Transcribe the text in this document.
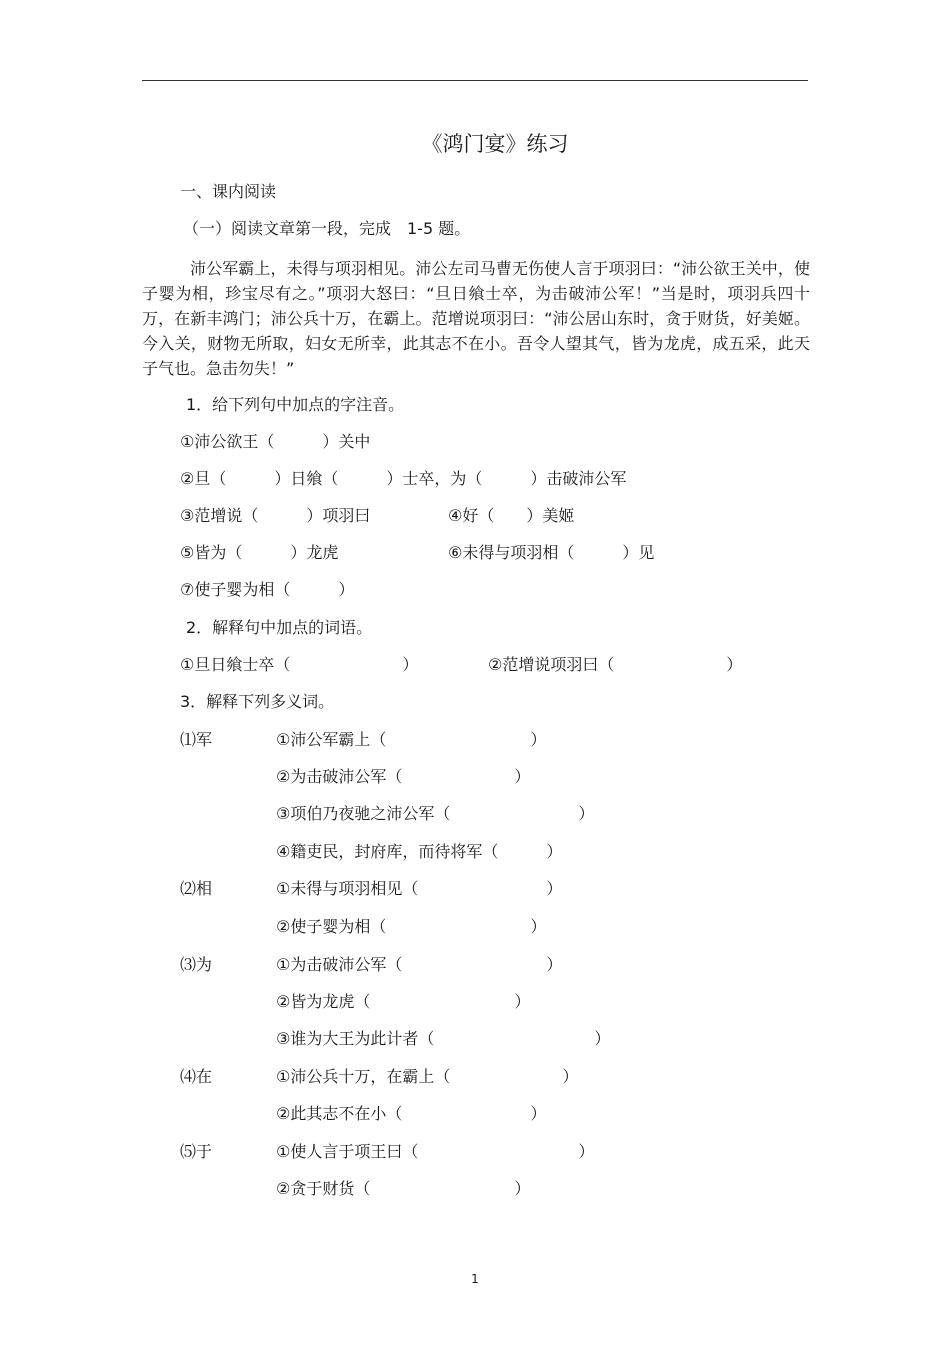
《鸿门宴》练习
一、课内阅读
（一）阅读文章第一段，完成　1-5 题。
沛公军霸上，未得与项羽相见。沛公左司马曹无伤使人言于项羽曰：“沛公欲王关中，使子婴为相，珍宝尽有之。”项羽大怒曰：“旦日飨士卒，为击破沛公军！”当是时，项羽兵四十万，在新丰鸿门；沛公兵十万，在霸上。范增说项羽曰：“沛公居山东时，贪于财货，好美姬。今入关，财物无所取，妇女无所幸，此其志不在小。吾令人望其气，皆为龙虎，成五采，此天子气也。急击勿失！”
1．给下列句中加点的字注音。
①沛公欲王（　　　）关中
②旦（　　　）日飨（　　　）士卒，为（　　　）击破沛公军
③范增说（　　　）项羽曰	④好（　　）美姬
⑤皆为（　　　）龙虎	⑥未得与项羽相（　　　）见
⑦使子婴为相（　　　）
2．解释句中加点的词语。
①旦日飨士卒（　　　　　　　）	②范增说项羽曰（　　　　　　　）
3．解释下列多义词。
⑴军	①沛公军霸上（　　　　　　　　　）
②为击破沛公军（　　　　　　　）
③项伯乃夜驰之沛公军（　　　　　　　　）
④籍吏民，封府库，而待将军（　　　）
⑵相	①未得与项羽相见（　　　　　　　　）
②使子婴为相（　　　　　　　　　）
⑶为	①为击破沛公军（　　　　　　　　　）
②皆为龙虎（　　　　　　　　　）
③谁为大王为此计者（　　　　　　　　　　）
⑷在	①沛公兵十万，在霸上（　　　　　　　）
②此其志不在小（　　　　　　　　）
⑸于	①使人言于项王曰（　　　　　　　　　　）
②贪于财货（　　　　　　　　　）
1
